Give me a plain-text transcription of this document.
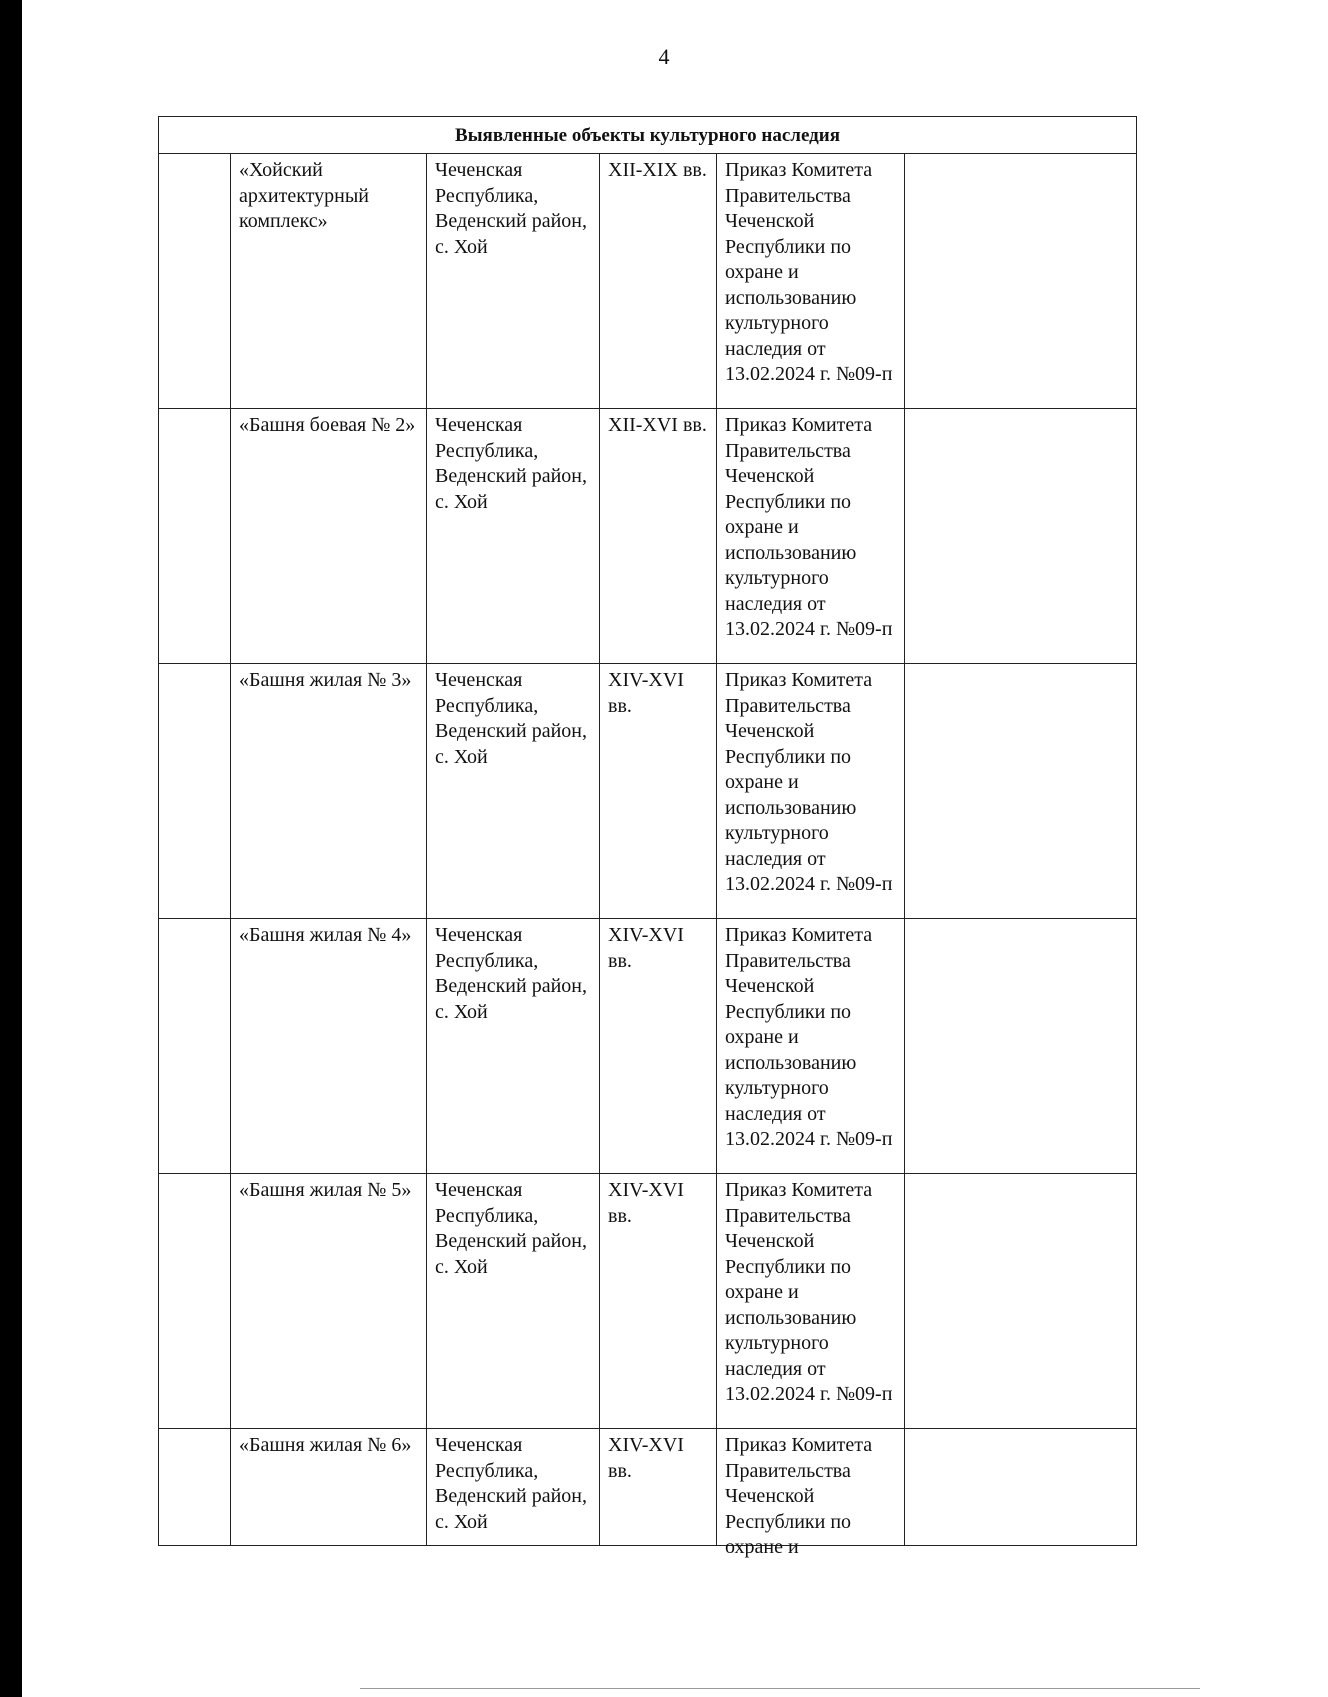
4
Выявленные объекты культурного наследия					
	«Хойский архитектурный комплекс»	Чеченская Республика, Веденский район, с. Хой	XII-XIX вв.	Приказ Комитета Правительства Чеченской Республики по охране и использованию культурного наследия от 13.02.2024 г. №09-п	
	«Башня боевая № 2»	Чеченская Республика, Веденский район, с. Хой	XII-XVI вв.	Приказ Комитета Правительства Чеченской Республики по охране и использованию культурного наследия от 13.02.2024 г. №09-п	
	«Башня жилая № 3»	Чеченская Республика, Веденский район, с. Хой	XIV-XVI вв.	Приказ Комитета Правительства Чеченской Республики по охране и использованию культурного наследия от 13.02.2024 г. №09-п	
	«Башня жилая № 4»	Чеченская Республика, Веденский район, с. Хой	XIV-XVI вв.	Приказ Комитета Правительства Чеченской Республики по охране и использованию культурного наследия от 13.02.2024 г. №09-п	
	«Башня жилая № 5»	Чеченская Республика, Веденский район, с. Хой	XIV-XVI вв.	Приказ Комитета Правительства Чеченской Республики по охране и использованию культурного наследия от 13.02.2024 г. №09-п	
	«Башня жилая № 6»	Чеченская Республика, Веденский район, с. Хой	XIV-XVI вв.	Приказ Комитета Правительства Чеченской Республики по охране и	
